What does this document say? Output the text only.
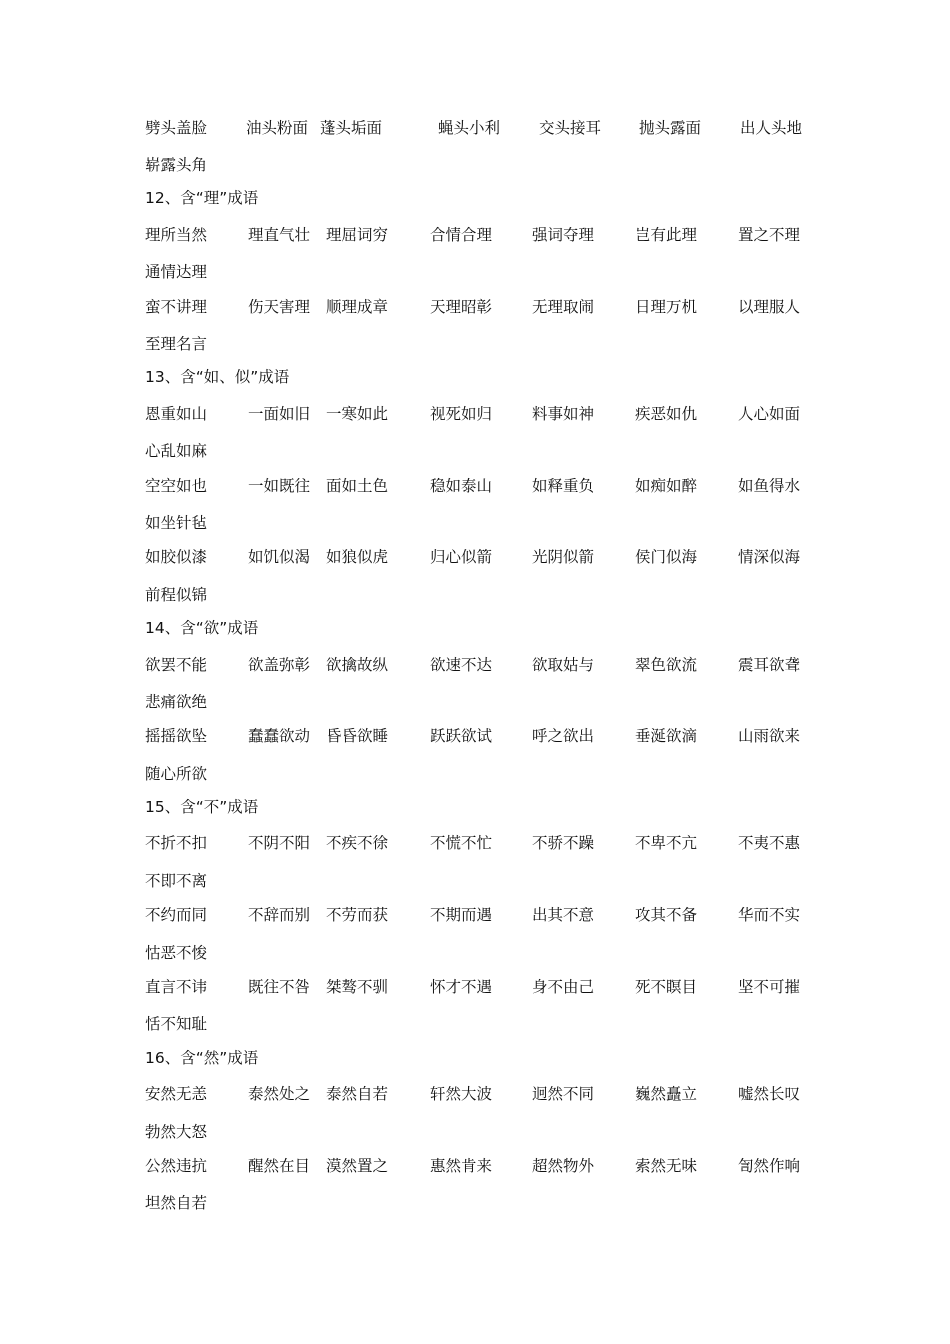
劈头盖脸	油头粉面 蓬头垢面	蝇头小利	交头接耳 抛头露面	出人头地
崭露头角
12、含“理”成语
理所当然	理直气壮 理屈词穷	合情合理	强词夺理	岂有此理	置之不理
通情达理
蛮不讲理	伤天害理 顺理成章	天理昭彰	无理取闹	日理万机	以理服人
至理名言
13、含“如、似”成语
恩重如山	一面如旧 一寒如此	视死如归	料事如神	疾恶如仇	人心如面
心乱如麻
空空如也	一如既往 面如土色	稳如泰山	如释重负	如痴如醉	如鱼得水
如坐针毡
如胶似漆	如饥似渴 如狼似虎	归心似箭	光阴似箭	侯门似海	情深似海
前程似锦
14、含“欲”成语
欲罢不能	欲盖弥彰 欲擒故纵	欲速不达	欲取姑与	翠色欲流	震耳欲聋
悲痛欲绝
摇摇欲坠	蠢蠢欲动 昏昏欲睡	跃跃欲试	呼之欲出	垂涎欲滴	山雨欲来
随心所欲
15、含“不”成语
不折不扣	不阴不阳 不疾不徐	不慌不忙	不骄不躁	不卑不亢	不夷不惠
不即不离
不约而同	不辞而别 不劳而获	不期而遇	出其不意	攻其不备	华而不实
怙恶不悛
直言不讳	既往不咎 桀骜不驯	怀才不遇	身不由己	死不瞑目	坚不可摧
恬不知耻
16、含“然”成语
安然无恙	泰然处之 泰然自若	轩然大波	迥然不同	巍然矗立	嘘然长叹
勃然大怒
公然违抗	醒然在目 漠然置之	惠然肯来	超然物外	索然无味	訇然作响
坦然自若
